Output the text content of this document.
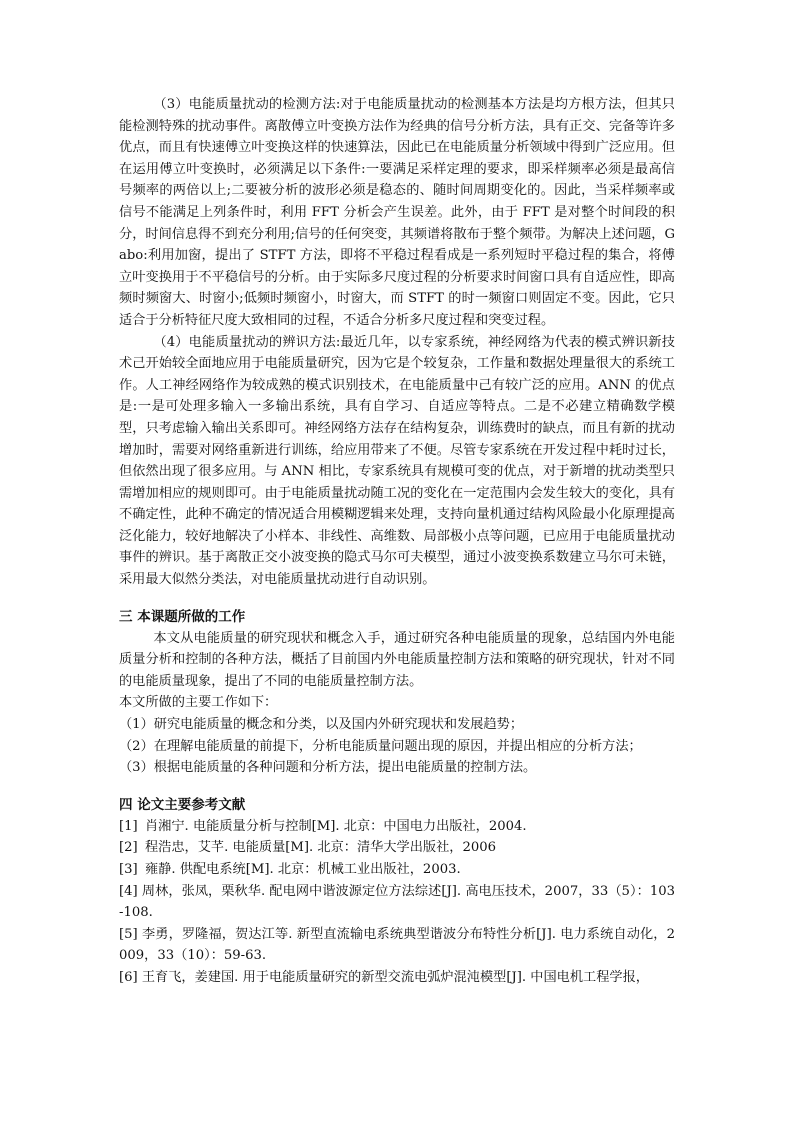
（3）电能质量扰动的检测方法:对于电能质量扰动的检测基本方法是均方根方法，但其只能检测特殊的扰动事件。离散傅立叶变换方法作为经典的信号分析方法，具有正交、完备等许多优点，而且有快速傅立叶变换这样的快速算法，因此已在电能质量分析领域中得到广泛应用。但在运用傅立叶变换时，必须满足以下条件:一要满足采样定理的要求，即采样频率必须是最高信号频率的两倍以上;二要被分析的波形必须是稳态的、随时间周期变化的。因此，当采样频率或信号不能满足上列条件时，利用 FFT 分析会产生误差。此外，由于 FFT 是对整个时间段的积分，时间信息得不到充分利用;信号的任何突变，其频谱将散布于整个频带。为解决上述问题，Gabo:利用加窗，提出了 STFT 方法，即将不平稳过程看成是一系列短时平稳过程的集合，将傅立叶变换用于不平稳信号的分析。由于实际多尺度过程的分析要求时间窗口具有自适应性，即高频时频窗大、时窗小;低频时频窗小，时窗大，而 STFT 的时一频窗口则固定不变。因此，它只适合于分析特征尺度大致相同的过程，不适合分析多尺度过程和突变过程。

（4）电能质量扰动的辨识方法:最近几年，以专家系统，神经网络为代表的模式辨识新技术己开始较全面地应用于电能质量研究，因为它是个较复杂，工作量和数据处理量很大的系统工作。人工神经网络作为较成熟的模式识别技术，在电能质量中己有较广泛的应用。ANN 的优点是:一是可处理多输入一多输出系统，具有自学习、自适应等特点。二是不必建立精确数学模型，只考虑输入输出关系即可。神经网络方法存在结构复杂，训练费时的缺点，而且有新的扰动增加时，需要对网络重新进行训练，给应用带来了不便。尽管专家系统在开发过程中耗时过长，但依然出现了很多应用。与 ANN 相比，专家系统具有规模可变的优点，对于新增的扰动类型只需增加相应的规则即可。由于电能质量扰动随工况的变化在一定范围内会发生较大的变化，具有不确定性，此种不确定的情况适合用模糊逻辑来处理，支持向量机通过结构风险最小化原理提高泛化能力，较好地解决了小样本、非线性、高维数、局部极小点等问题，已应用于电能质量扰动事件的辨识。基于离散正交小波变换的隐式马尔可夫模型，通过小波变换系数建立马尔可未链，采用最大似然分类法，对电能质量扰动进行自动识别。

三 本课题所做的工作

本文从电能质量的研究现状和概念入手，通过研究各种电能质量的现象，总结国内外电能质量分析和控制的各种方法，概括了目前国内外电能质量控制方法和策略的研究现状，针对不同的电能质量现象，提出了不同的电能质量控制方法。

本文所做的主要工作如下：
（1）研究电能质量的概念和分类，以及国内外研究现状和发展趋势；
（2）在理解电能质量的前提下，分析电能质量问题出现的原因，并提出相应的分析方法；
（3）根据电能质量的各种问题和分析方法，提出电能质量的控制方法。
四 论文主要参考文献
[1] 肖湘宁. 电能质量分析与控制[M]. 北京：中国电力出版社，2004.
[2] 程浩忠，艾芊. 电能质量[M]. 北京：清华大学出版社，2006
[3] 雍静. 供配电系统[M]. 北京：机械工业出版社，2003.
[4] 周林，张凤，栗秋华. 配电网中谐波源定位方法综述[J]. 高电压技术，2007，33（5）：103-108.
[5] 李勇，罗隆福，贺达江等. 新型直流输电系统典型谐波分布特性分析[J]. 电力系统自动化，2009，33（10）：59-63.
[6] 王育飞，姜建国. 用于电能质量研究的新型交流电弧炉混沌模型[J]. 中国电机工程学报，
